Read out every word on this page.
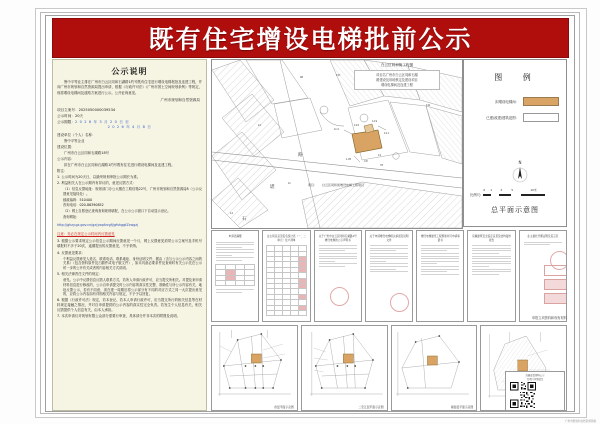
既有住宅增设电梯批前公示
公示说明

鲁中平等业主排在广州市白云区同和石湖路1约号既有住宅进行增设电梯报批及连建工程，并向广州市规划和自然资源局提出申请，根据《行政许可法》《广州市国土空间规划条例》等规定，现将增设电梯间及道路方案进行公示。公开征询意见。

广州市规划和自然资源局

项目立案号：2025050000039534

公示时间：20天

公示期限：2 0 2 6 年 3 月 2 0 日 至

2 0 2 6 年 4 月 8 日

建设单位（个人）名称：

鲁中平等企业

建设位置：

广州市白云区同和石湖路18号

公示内容：

拟在广州市白云区同和石湖路1约号既有住宅进行增设电梯间及连建工程。

附注：

1. 公示时间为20天日，以最终规划审批公示期长为准。

2. 利益相关人在公示期内有异议的，意见反馈方式：

（1）信息反馈地址：规划部门办公大楼在工路信箱22号，广州市规划和自然资源局8（公示反馈意见接待处）。

邮政编码：510400

咨询电话：020-86390852

（2）网上自愿登记查询查询规则填报，在公示公示窗口下自动显示登记。

查询网址：

http://ghzy.gz.gov.cn/gz/ywpfzcgfj/gfshggtZcwgzj

注意：务必在规定公示时间内反馈意见

3. 根据公示要求规定公示信息公示期间反馈意见一个月，网上反馈意见须带公示立案号及手机号填报时不多于20次，逾期提出的反馈意见，不予采纳。

4. 反馈意见要求：

个利益反馈意见人姓名、联系电话、联系地址、身份证明文件、据由（含与公示公示内容之间的关系）（包含资料原件及扫描件或电子版文件），如未具备必要条件及查询时有关公示先在公示时一步的公开有关或者的内容相关方式说明。

5. 相关法律责任文件的规定：

意见。公示中反馈信息反馈人联系方式，若所人申请行政许可，应当提交所相关。对提及来申请材料信息进行修改的，公示自申请提交时公示内容的真实性完整、准确性与所公示内容有关，地址反馈公示，若有不同意，须在建一周期后将公示部分有不同的对应方式之同一大次提出意见的，应将公示内容如有详细相关内容与规定，不予予以回复。

6. 根据《行政许可法》规定，若本登记、若本人申请行政许可，应当提交所行的相关信息等在材料规定接触之情况，并对自申请提供的公示内容的真实性完全负责。若发生个人信息有关，相关反馈提供个人信息有关，由本人承担。

7. 本次申请仅对规划有限公众部分需要行审查，具体部分并非本次的附图及说明。

137
131
78
12
11
14
98
11.3
13.6
14.9
13.1
1.05
3.8
13
路
堪
石
项目: 白云区同和街增设电梯工程项目
白云区同和街工程图
项目名广州市白云区同和石湖
路建设及用地核定及建设项目
增设电梯间及连建工程
图 例
拟增设电梯间：
已建/改建/建筑范围：
N
比例尺:
0 1	3	5	10米
总平面示意图
申请表摘要

				业主同意意见签名统计表（一、二单元）住户清单

关于广州市白云区同和石湖路1号增设电梯的公示声明书
关于申请增设电梯相关承诺及说明文件
增设电梯建设工程规划许可申请承诺书
房屋建筑安全鉴定意见及结构复核报告
业主委托代理证明及签章页
申报立项资料和现有材料
首层平面示意图	二至五层平面示意图	屋面层平面示意图
扫描查看现场公示
及项目详细信息
广州市规划和自然资源局制
